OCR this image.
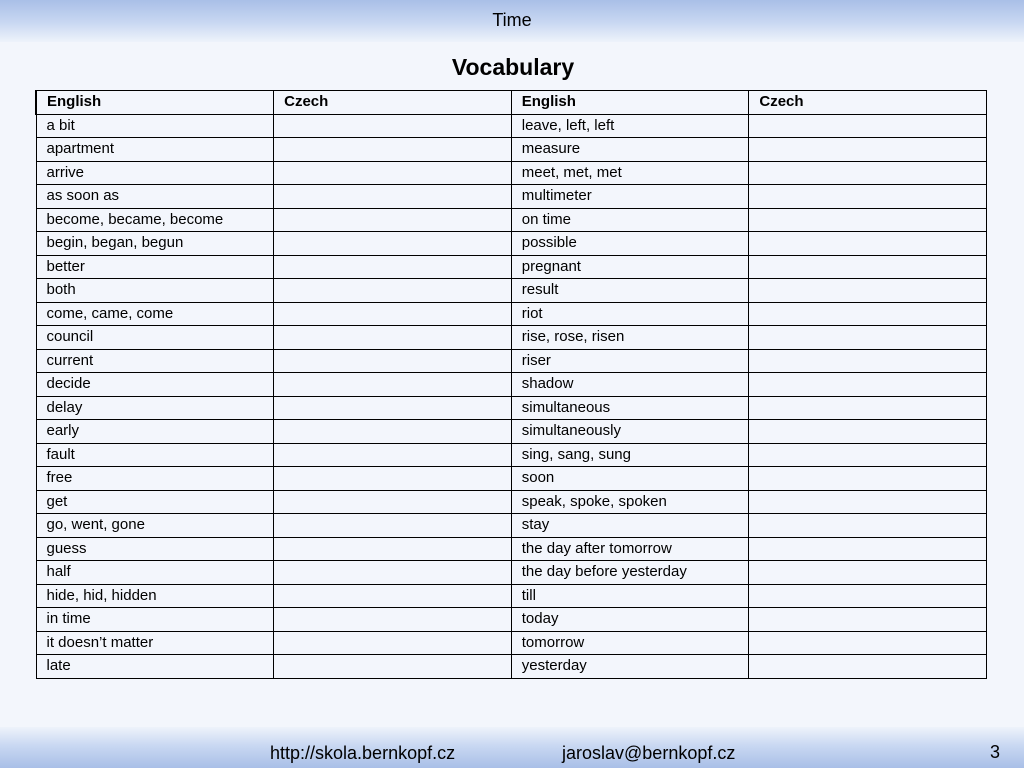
Time
Vocabulary
English	Czech	English	Czech
a bit		leave, left, left	
apartment		measure	
arrive		meet, met, met	
as soon as		multimeter	
become, became, become		on time	
begin, began, begun		possible	
better		pregnant	
both		result	
come, came, come		riot	
council		rise, rose, risen	
current		riser	
decide		shadow	
delay		simultaneous	
early		simultaneously	
fault		sing, sang, sung	
free		soon	
get		speak, spoke, spoken	
go, went, gone		stay	
guess		the day after tomorrow	
half		the day before yesterday	
hide, hid, hidden		till	
in time		today	
it doesn’t matter		tomorrow	
late		yesterday	
http://skola.bernkopf.cz	jaroslav@bernkopf.cz	3
